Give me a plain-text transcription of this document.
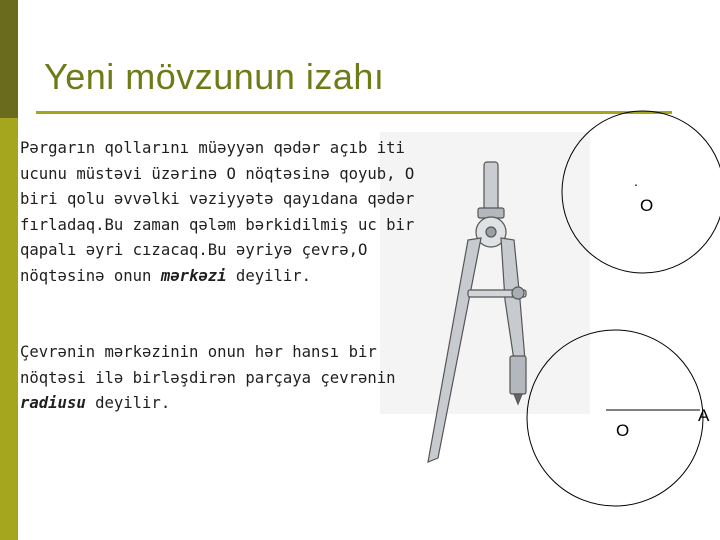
Yeni mövzunun izahı

Pərgarın qollarını müəyyən qədər açıb iti ucunu müstəvi üzərinə O nöqtəsinə qoyub, O biri qolu əvvəlki vəziyyətə qayıdana qədər fırladaq.Bu zaman qələm bərkidilmiş uc bir qapalı əyri cızacaq.Bu əyriyə çevrə,O nöqtəsinə onun mərkəzi deyilir.

Çevrənin mərkəzinin onun hər hansı bir nöqtəsi ilə birləşdirən parçaya çevrənin radiusu deyilir.

.
O
O
A
